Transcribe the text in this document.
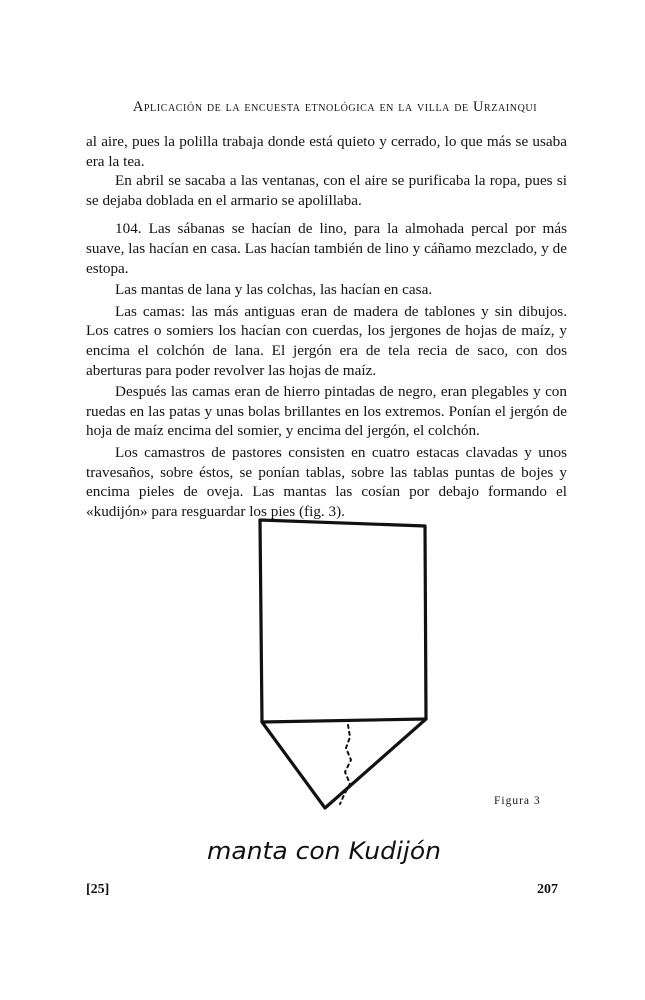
Aplicación de la encuesta etnológica en la villa de Urzainqui

al aire, pues la polilla trabaja donde está quieto y cerrado, lo que más se usaba era la tea.

En abril se sacaba a las ventanas, con el aire se purificaba la ropa, pues si se dejaba doblada en el armario se apolillaba.

104. Las sábanas se hacían de lino, para la almohada percal por más suave, las hacían en casa. Las hacían también de lino y cáñamo mezclado, y de estopa.

Las mantas de lana y las colchas, las hacían en casa.

Las camas: las más antiguas eran de madera de tablones y sin dibujos. Los catres o somiers los hacían con cuerdas, los jergones de hojas de maíz, y encima el colchón de lana. El jergón era de tela recia de saco, con dos aberturas para poder revolver las hojas de maíz.

Después las camas eran de hierro pintadas de negro, eran plegables y con ruedas en las patas y unas bolas brillantes en los extremos. Ponían el jergón de hoja de maíz encima del somier, y encima del jergón, el colchón.

Los camastros de pastores consisten en cuatro estacas clavadas y unos travesaños, sobre éstos, se ponían tablas, sobre las tablas puntas de bojes y encima pieles de oveja. Las mantas las cosían por debajo formando el «kudijón» para resguardar los pies (fig. 3).

Figura 3
manta con Kudijón
[25]	207
